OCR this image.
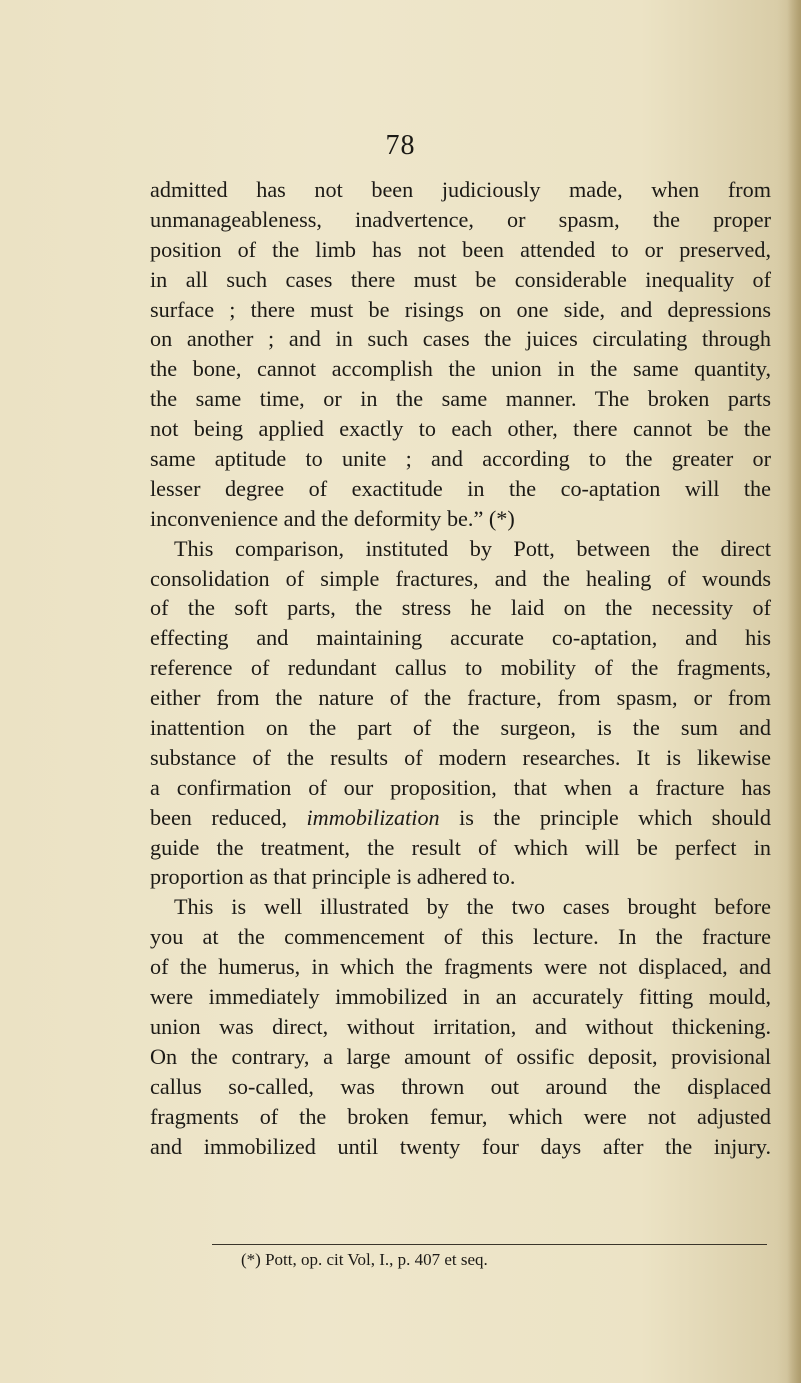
78
admitted has not been judiciously made, when from
unmanageableness, inadvertence, or spasm, the proper
position of the limb has not been attended to or preserved,
in all such cases there must be considerable inequality of
surface ; there must be risings on one side, and depressions
on another ; and in such cases the juices circulating through
the bone, cannot accomplish the union in the same quantity,
the same time, or in the same manner. The broken parts
not being applied exactly to each other, there cannot be the
same aptitude to unite ; and according to the greater or
lesser degree of exactitude in the co-aptation will the
inconvenience and the deformity be.” (*)
This comparison, instituted by Pott, between the direct
consolidation of simple fractures, and the healing of wounds
of the soft parts, the stress he laid on the necessity of
effecting and maintaining accurate co-aptation, and his
reference of redundant callus to mobility of the fragments,
either from the nature of the fracture, from spasm, or from
inattention on the part of the surgeon, is the sum and
substance of the results of modern researches. It is likewise
a confirmation of our proposition, that when a fracture has
been reduced, immobilization is the principle which should
guide the treatment, the result of which will be perfect in
proportion as that principle is adhered to.
This is well illustrated by the two cases brought before
you at the commencement of this lecture. In the fracture
of the humerus, in which the fragments were not displaced, and
were immediately immobilized in an accurately fitting mould,
union was direct, without irritation, and without thickening.
On the contrary, a large amount of ossific deposit, provisional
callus so-called, was thrown out around the displaced
fragments of the broken femur, which were not adjusted
and immobilized until twenty four days after the injury.
(*) Pott, op. cit Vol, I., p. 407 et seq.
